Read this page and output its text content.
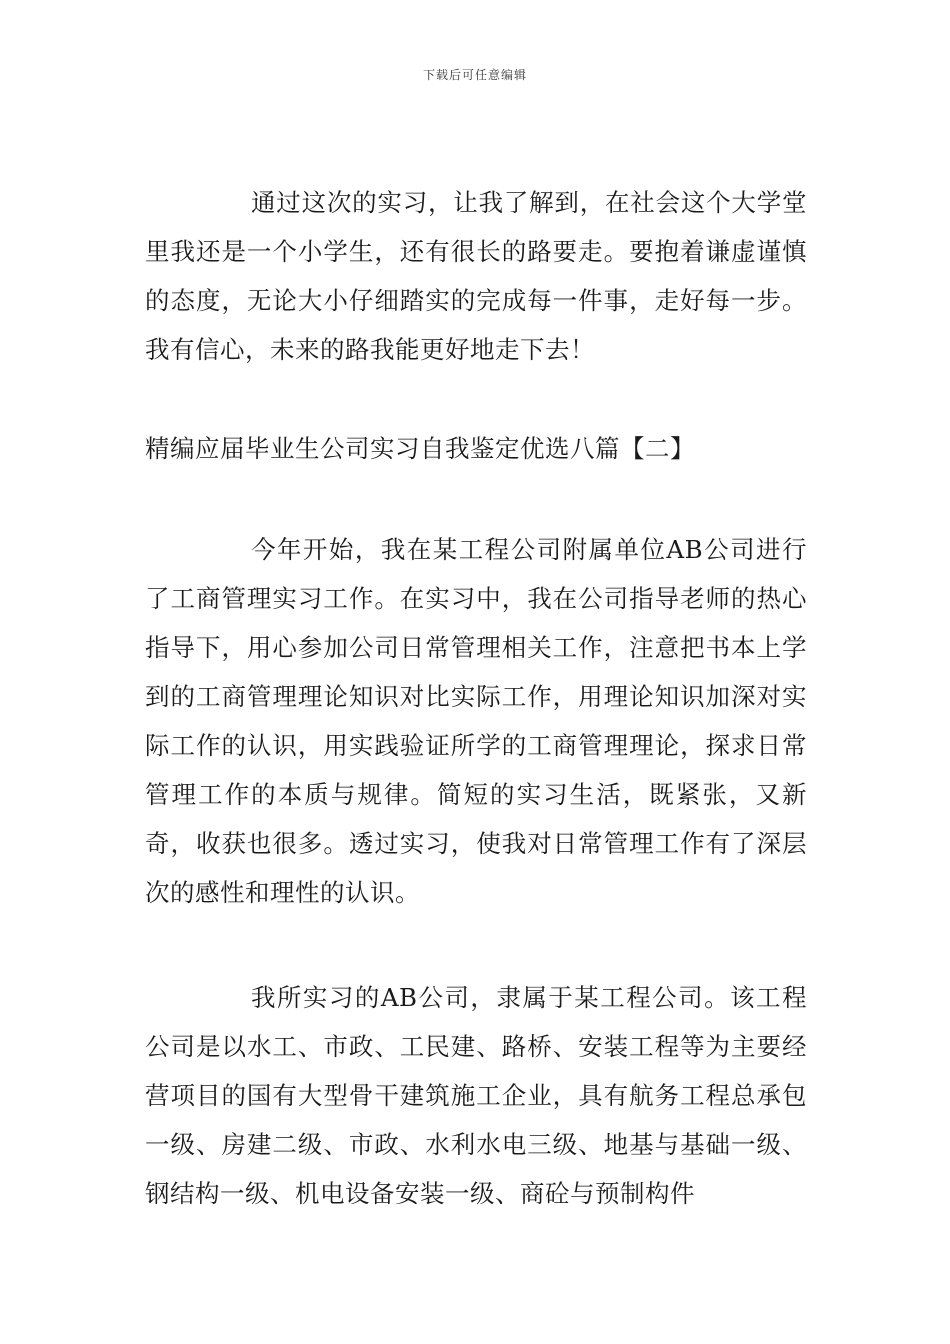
下载后可任意编辑

通过这次的实习，让我了解到，在社会这个大学堂里我还是一个小学生，还有很长的路要走。要抱着谦虚谨慎的态度，无论大小仔细踏实的完成每一件事，走好每一步。我有信心，未来的路我能更好地走下去！

精编应届毕业生公司实习自我鉴定优选八篇【二】

今年开始，我在某工程公司附属单位AB公司进行了工商管理实习工作。在实习中，我在公司指导老师的热心指导下，用心参加公司日常管理相关工作，注意把书本上学到的工商管理理论知识对比实际工作，用理论知识加深对实际工作的认识，用实践验证所学的工商管理理论，探求日常管理工作的本质与规律。简短的实习生活，既紧张，又新奇，收获也很多。透过实习，使我对日常管理工作有了深层次的感性和理性的认识。

我所实习的AB公司，隶属于某工程公司。该工程公司是以水工、市政、工民建、路桥、安装工程等为主要经营项目的国有大型骨干建筑施工企业，具有航务工程总承包一级、房建二级、市政、水利水电三级、地基与基础一级、钢结构一级、机电设备安装一级、商砼与预制构件
